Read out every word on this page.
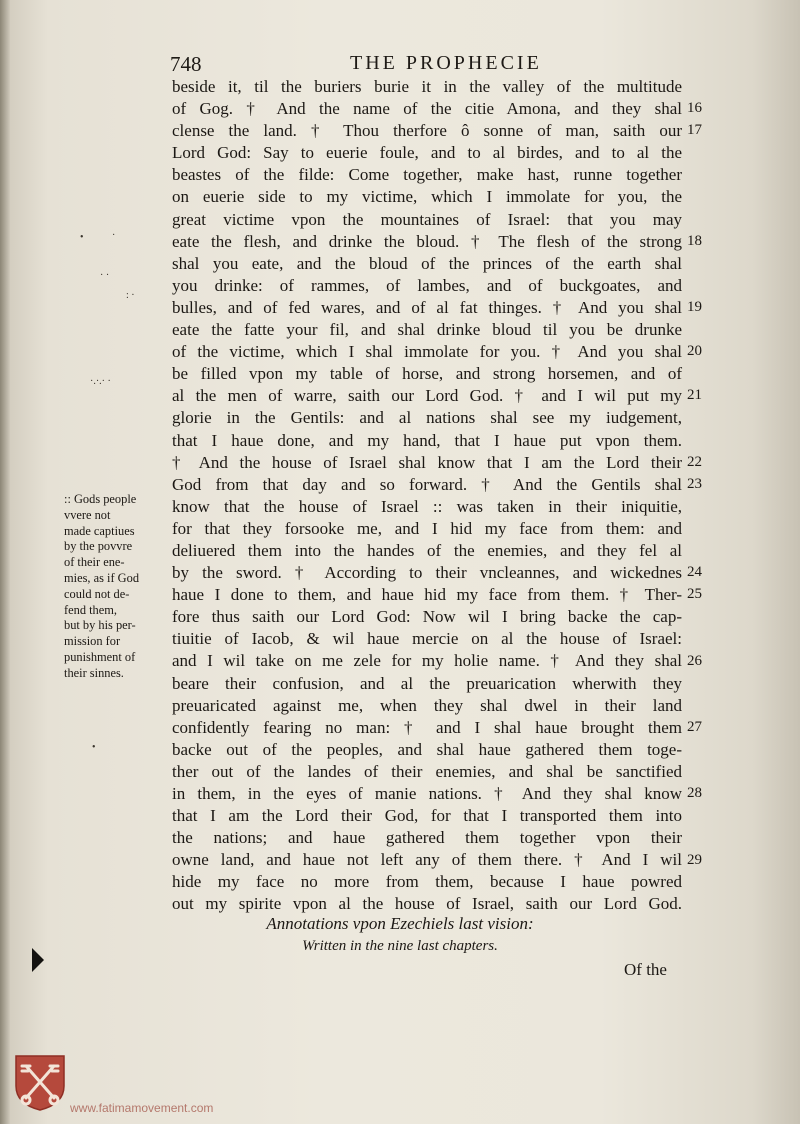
748	THE PROPHECIE
beside it, til the buriers burie it in the valley of the multitude
of Gog. † And the name of the citie Amona, and they shal
clense the land. † Thou therfore ô sonne of man, saith our
Lord God: Say to euerie foule, and to al birdes, and to al the
beastes of the filde: Come together, make hast, runne together
on euerie side to my victime, which I immolate for you, the
great victime vpon the mountaines of Israel: that you may
eate the flesh, and drinke the bloud. † The flesh of the strong
shal you eate, and the bloud of the princes of the earth shal
you drinke: of rammes, of lambes, and of buckgoates, and
bulles, and of fed wares, and of al fat thinges. † And you shal
eate the fatte your fil, and shal drinke bloud til you be drunke
of the victime, which I shal immolate for you. † And you shal
be filled vpon my table of horse, and strong horsemen, and of
al the men of warre, saith our Lord God. † and I wil put my
glorie in the Gentils: and al nations shal see my iudgement,
that I haue done, and my hand, that I haue put vpon them.
† And the house of Israel shal know that I am the Lord their
God from that day and so forward. † And the Gentils shal
know that the house of Israel :: was taken in their iniquitie,
for that they forsooke me, and I hid my face from them: and
deliuered them into the handes of the enemies, and they fel al
by the sword. † According to their vncleannes, and wickednes
haue I done to them, and haue hid my face from them. † Ther-
fore thus saith our Lord God: Now wil I bring backe the cap-
tiuitie of Iacob, & wil haue mercie on al the house of Israel:
and I wil take on me zele for my holie name. † And they shal
beare their confusion, and al the preuarication wherwith they
preuaricated against me, when they shal dwel in their land
confidently fearing no man: † and I shal haue brought them
backe out of the peoples, and shal haue gathered them toge-
ther out of the landes of their enemies, and shal be sanctified
in them, in the eyes of manie nations. † And they shal know
that I am the Lord their God, for that I transported them into
the nations; and haue gathered them together vpon their
owne land, and haue not left any of them there. † And I wil
hide my face no more from them, because I haue powred
out my spirite vpon al the house of Israel, saith our Lord God.
16
17
18
19
20
21
22
23
24
25
26
27
28
29
:: Gods people
vvere not
made captiues
by the povvre
of their ene-
mies, as if God
could not de-
fend them,
but by his per-
mission for
punishment of
their sinnes.
•	·
· ·
: ·
·.·.· ·
•
Annotations vpon Ezechiels last vision:
Written in the nine last chapters.
Of the
www.fatimamovement.com
